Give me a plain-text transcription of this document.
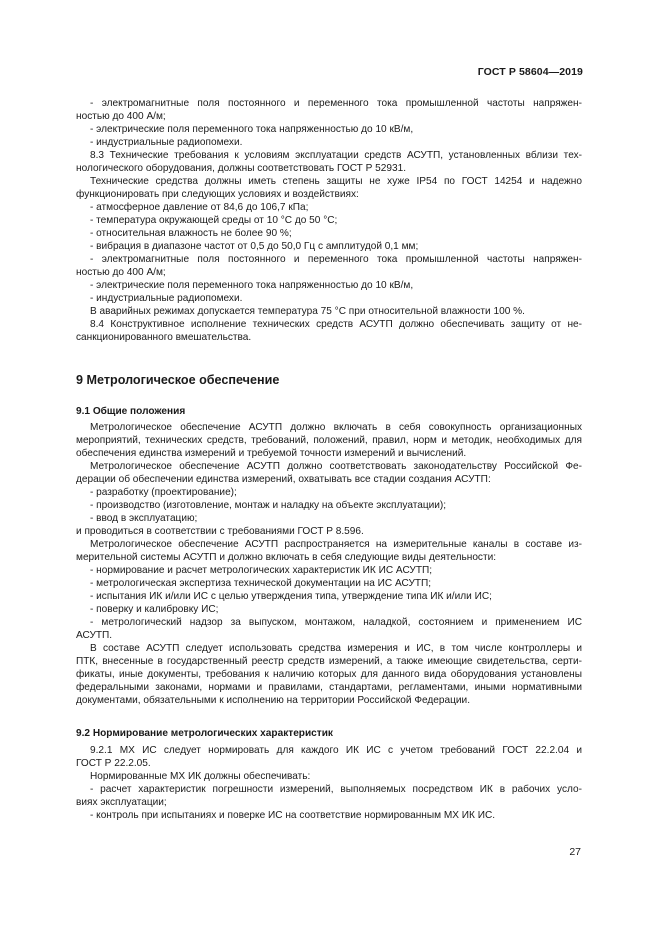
ГОСТ Р 58604—2019
- электромагнитные поля постоянного и переменного тока промышленной частоты напряжен-
ностью до 400 А/м;
- электрические поля переменного тока напряженностью до 10 кВ/м,
- индустриальные радиопомехи.
8.3 Технические требования к условиям эксплуатации средств АСУТП, установленных вблизи тех-
нологического оборудования, должны соответствовать ГОСТ Р 52931.
Технические средства должны иметь степень защиты не хуже IP54 по ГОСТ 14254 и надежно
функционировать при следующих условиях и воздействиях:
- атмосферное давление от 84,6 до 106,7 кПа;
- температура окружающей среды от 10 °С до 50 °С;
- относительная влажность не более 90 %;
- вибрация в диапазоне частот от 0,5 до 50,0 Гц с амплитудой 0,1 мм;
- электромагнитные поля постоянного и переменного тока промышленной частоты напряжен-
ностью до 400 А/м;
- электрические поля переменного тока напряженностью до 10 кВ/м,
- индустриальные радиопомехи.
В аварийных режимах допускается температура 75 °С при относительной влажности 100 %.
8.4 Конструктивное исполнение технических средств АСУТП должно обеспечивать защиту от не-
санкционированного вмешательства.
9 Метрологическое обеспечение
9.1 Общие положения
Метрологическое обеспечение АСУТП должно включать в себя совокупность организационных
мероприятий, технических средств, требований, положений, правил, норм и методик, необходимых для
обеспечения единства измерений и требуемой точности измерений и вычислений.
Метрологическое обеспечение АСУТП должно соответствовать законодательству Российской Фе-
дерации об обеспечении единства измерений, охватывать все стадии создания АСУТП:
- разработку (проектирование);
- производство (изготовление, монтаж и наладку на объекте эксплуатации);
- ввод в эксплуатацию;
и проводиться в соответствии с требованиями ГОСТ Р 8.596.
Метрологическое обеспечение АСУТП распространяется на измерительные каналы в составе из-
мерительной системы АСУТП и должно включать в себя следующие виды деятельности:
- нормирование и расчет метрологических характеристик ИК ИС АСУТП;
- метрологическая экспертиза технической документации на ИС АСУТП;
- испытания ИК и/или ИС с целью утверждения типа, утверждение типа ИК и/или ИС;
- поверку и калибровку ИС;
- метрологический надзор за выпуском, монтажом, наладкой, состоянием и применением ИС
АСУТП.
В составе АСУТП следует использовать средства измерения и ИС, в том числе контроллеры и
ПТК, внесенные в государственный реестр средств измерений, а также имеющие свидетельства, серти-
фикаты, иные документы, требования к наличию которых для данного вида оборудования установлены
федеральными законами, нормами и правилами, стандартами, регламентами, иными нормативными
документами, обязательными к исполнению на территории Российской Федерации.
9.2 Нормирование метрологических характеристик
9.2.1 МХ ИС следует нормировать для каждого ИК ИС с учетом требований ГОСТ 22.2.04 и
ГОСТ Р 22.2.05.
Нормированные МХ ИК должны обеспечивать:
- расчет характеристик погрешности измерений, выполняемых посредством ИК в рабочих усло-
виях эксплуатации;
- контроль при испытаниях и поверке ИС на соответствие нормированным МХ ИК ИС.
27
